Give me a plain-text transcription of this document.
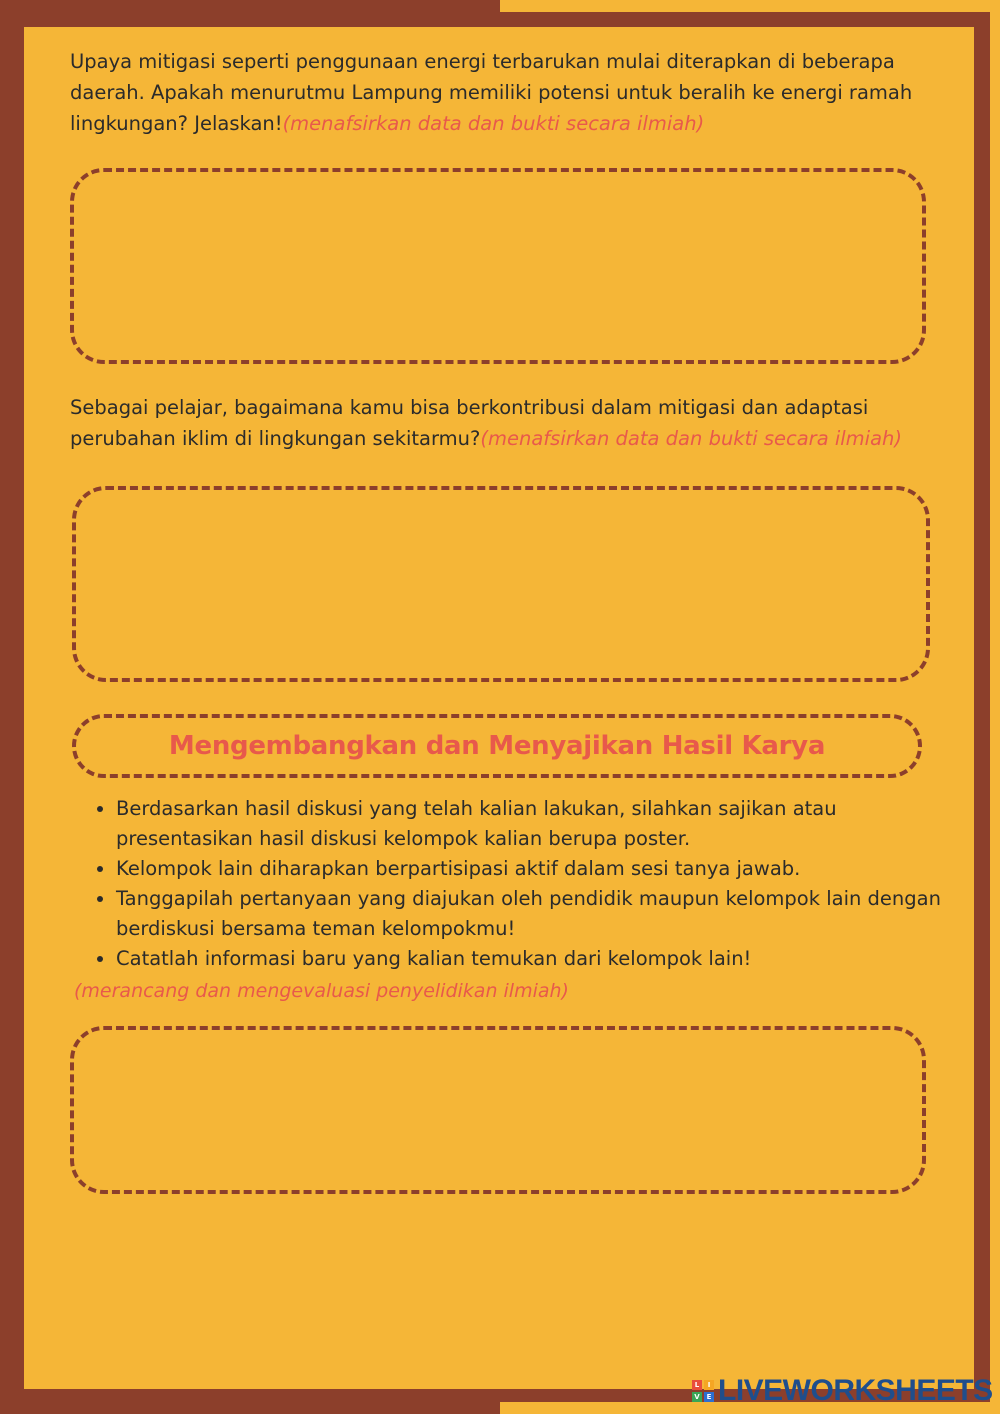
Upaya mitigasi seperti penggunaan energi terbarukan mulai diterapkan di beberapa daerah. Apakah menurutmu Lampung memiliki potensi untuk beralih ke energi ramah lingkungan? Jelaskan!(menafsirkan data dan bukti secara ilmiah)

Sebagai pelajar, bagaimana kamu bisa berkontribusi dalam mitigasi dan adaptasi perubahan iklim di lingkungan sekitarmu?(menafsirkan data dan bukti secara ilmiah)

Mengembangkan dan Menyajikan Hasil Karya
• Berdasarkan hasil diskusi yang telah kalian lakukan, silahkan sajikan atau presentasikan hasil diskusi kelompok kalian berupa poster.
• Kelompok lain diharapkan berpartisipasi aktif dalam sesi tanya jawab.
• Tanggapilah pertanyaan yang diajukan oleh pendidik maupun kelompok lain dengan berdiskusi bersama teman kelompokmu!
• Catatlah informasi baru yang kalian temukan dari kelompok lain!
(merancang dan mengevaluasi penyelidikan ilmiah)
L	I
V E LIVEWORKSHEETS
